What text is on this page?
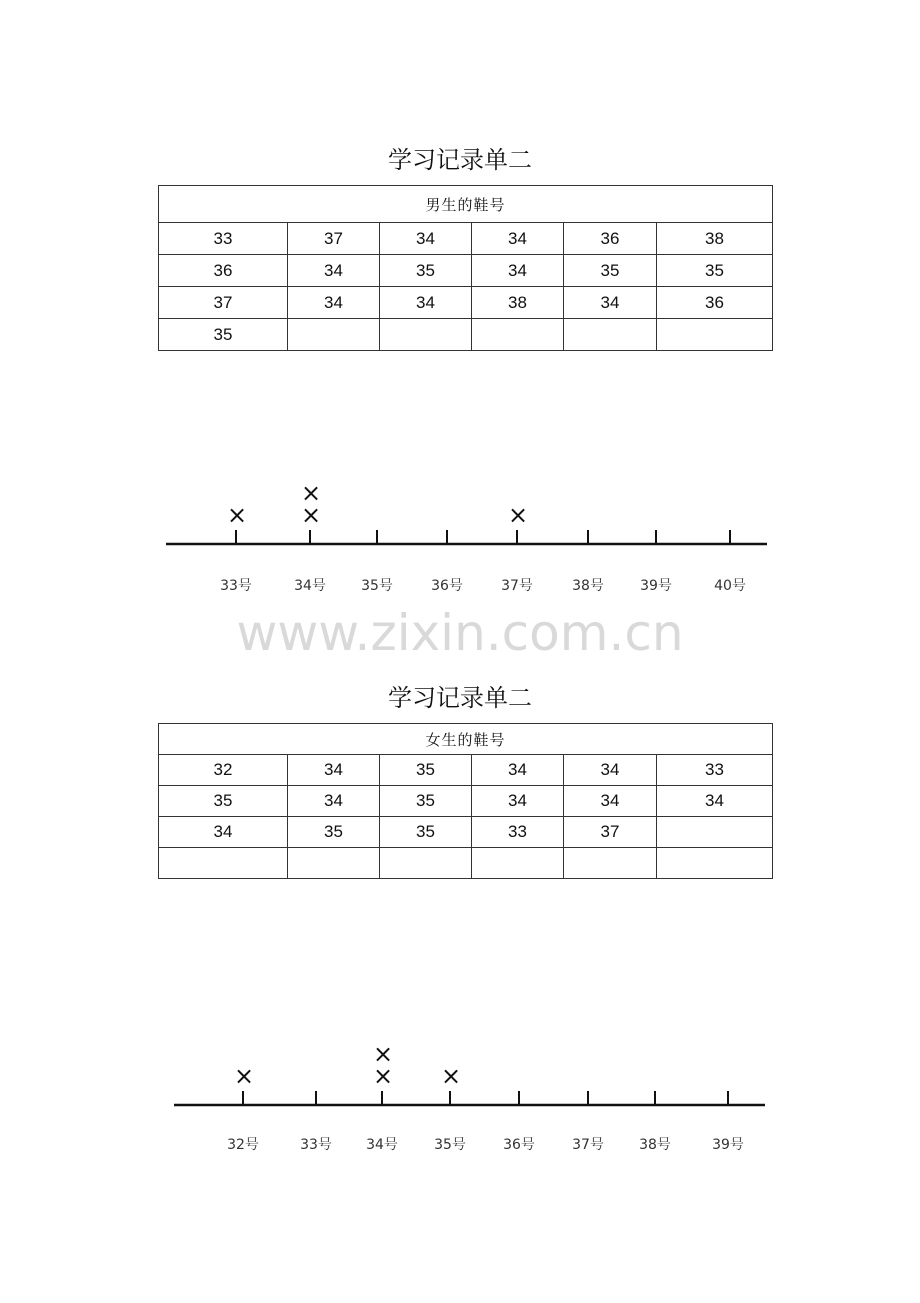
学习记录单二
男生的鞋号					
33	37	34	34	36	38
36	34	35	34	35	35
37	34	34	38	34	36
35					
33号
×
34号
×
×
35号	36号	37号
×
38号	39号	40号
www.zixin.com.cn
学习记录单二
女生的鞋号					
32	34	35	34	34	33
35	34	35	34	34	34
34	35	35	33	37	

32号
×
33号 34号
×
×
35号
×
36号	37号	38号	39号
